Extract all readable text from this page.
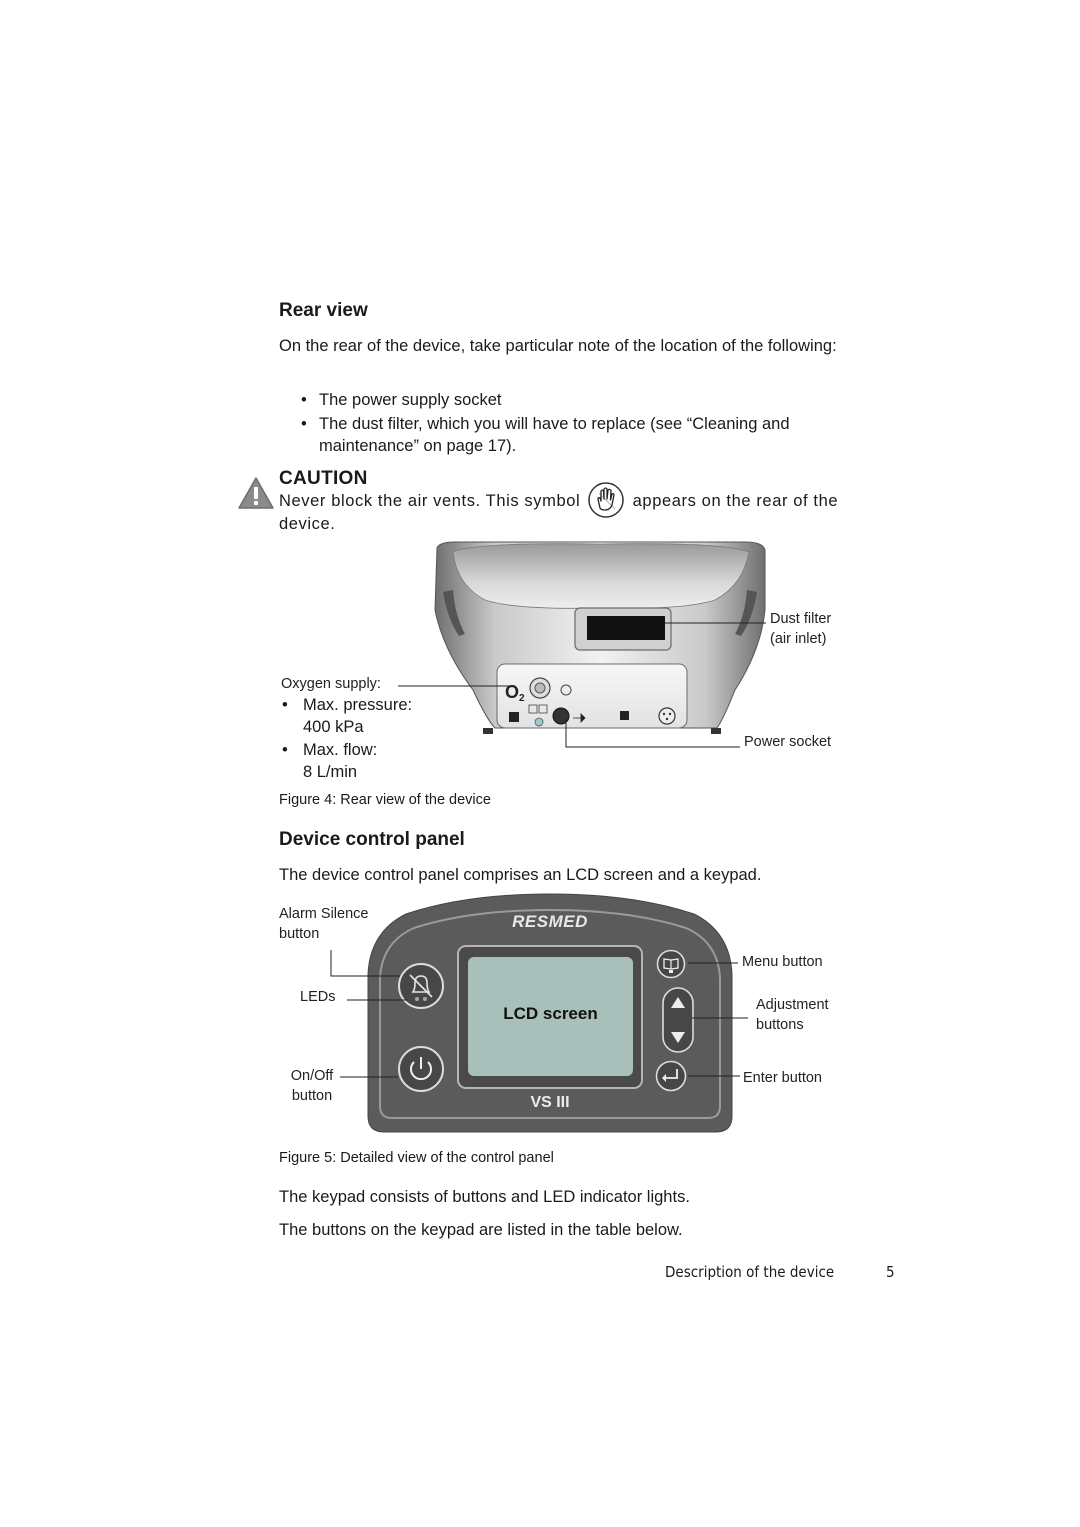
Rear view
On the rear of the device, take particular note of the location of the following:
• The power supply socket
• The dust filter, which you will have to replace (see “Cleaning and maintenance” on page 17).
CAUTION
Never block the air vents. This symbol	appears on the rear of the device.
O 2
Dust filter
(air inlet)
Power socket
Oxygen supply:
• Max. pressure:
400 kPa
• Max. flow:
8 L/min
Figure 4: Rear view of the device
Device control panel
The device control panel comprises an LCD screen and a keypad.
RESMED
VS III
LCD screen
Alarm Silence
button
LEDs
On/Off
button
Menu button
Adjustment
buttons
Enter button
Figure 5: Detailed view of the control panel
The keypad consists of buttons and LED indicator lights.
The buttons on the keypad are listed in the table below.
Description of the device	5
